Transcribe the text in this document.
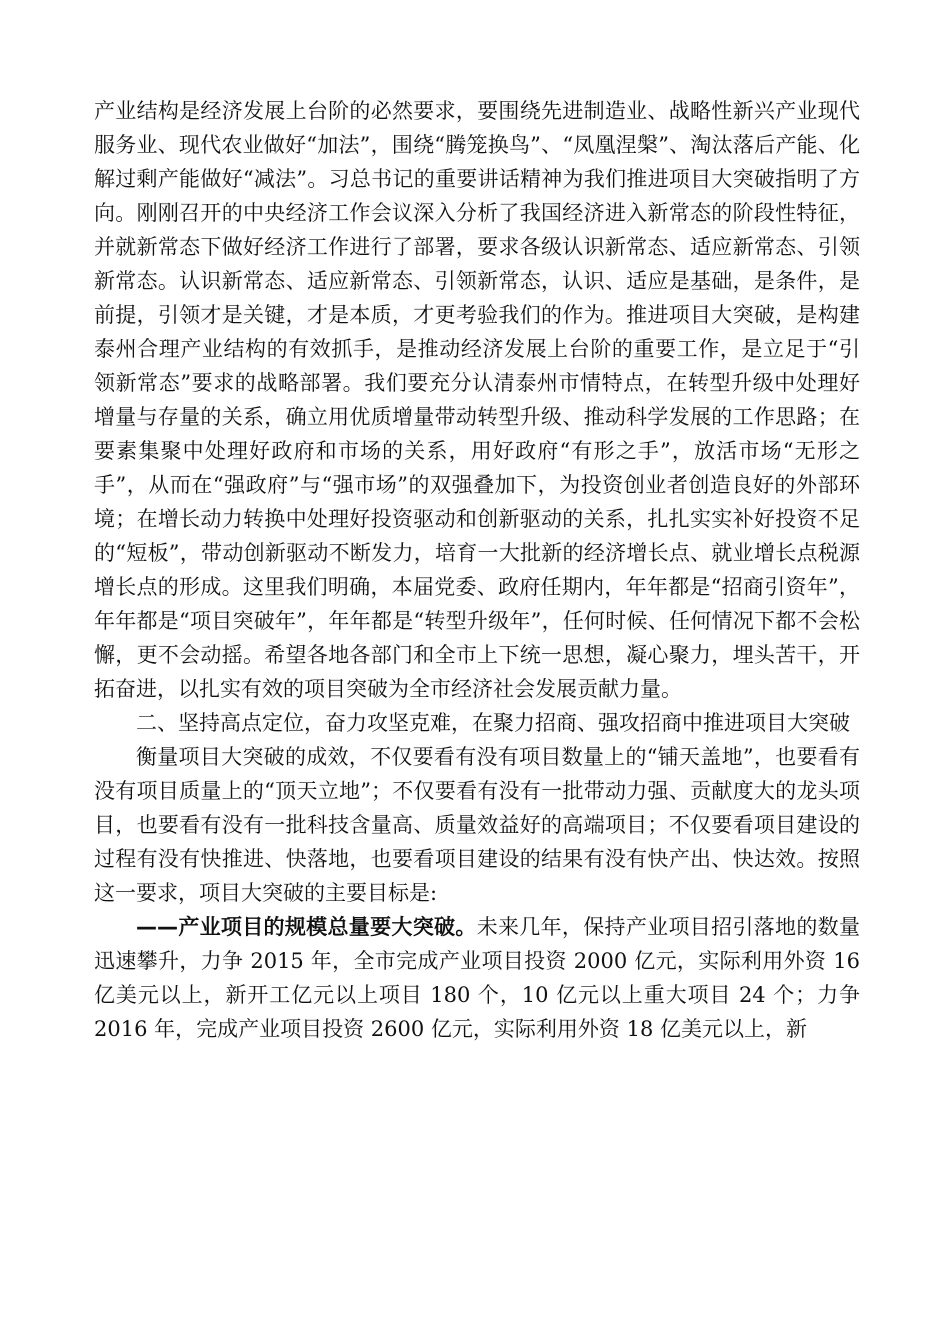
产业结构是经济发展上台阶的必然要求，要围绕先进制造业、战略性新兴产业现代服务业、现代农业做好“加法”，围绕“腾笼换鸟”、“凤凰涅槃”、淘汰落后产能、化解过剩产能做好“减法”。习总书记的重要讲话精神为我们推进项目大突破指明了方向。刚刚召开的中央经济工作会议深入分析了我国经济进入新常态的阶段性特征，并就新常态下做好经济工作进行了部署，要求各级认识新常态、适应新常态、引领新常态。认识新常态、适应新常态、引领新常态，认识、适应是基础，是条件，是前提，引领才是关键，才是本质，才更考验我们的作为。推进项目大突破，是构建泰州合理产业结构的有效抓手，是推动经济发展上台阶的重要工作，是立足于“引领新常态”要求的战略部署。我们要充分认清泰州市情特点，在转型升级中处理好增量与存量的关系，确立用优质增量带动转型升级、推动科学发展的工作思路；在要素集聚中处理好政府和市场的关系，用好政府“有形之手”，放活市场“无形之手”，从而在“强政府”与“强市场”的双强叠加下，为投资创业者创造良好的外部环境；在增长动力转换中处理好投资驱动和创新驱动的关系，扎扎实实补好投资不足的“短板”，带动创新驱动不断发力，培育一大批新的经济增长点、就业增长点税源增长点的形成。这里我们明确，本届党委、政府任期内，年年都是“招商引资年”，年年都是“项目突破年”，年年都是“转型升级年”，任何时候、任何情况下都不会松懈，更不会动摇。希望各地各部门和全市上下统一思想，凝心聚力，埋头苦干，开拓奋进，以扎实有效的项目突破为全市经济社会发展贡献力量。

二、坚持高点定位，奋力攻坚克难，在聚力招商、强攻招商中推进项目大突破

衡量项目大突破的成效，不仅要看有没有项目数量上的“铺天盖地”，也要看有没有项目质量上的“顶天立地”；不仅要看有没有一批带动力强、贡献度大的龙头项目，也要看有没有一批科技含量高、质量效益好的高端项目；不仅要看项目建设的过程有没有快推进、快落地，也要看项目建设的结果有没有快产出、快达效。按照这一要求，项目大突破的主要目标是:

——产业项目的规模总量要大突破。未来几年，保持产业项目招引落地的数量迅速攀升，力争 2015 年，全市完成产业项目投资 2000 亿元，实际利用外资 16 亿美元以上，新开工亿元以上项目 180 个，10 亿元以上重大项目 24 个；力争 2016 年，完成产业项目投资 2600 亿元，实际利用外资 18 亿美元以上，新
